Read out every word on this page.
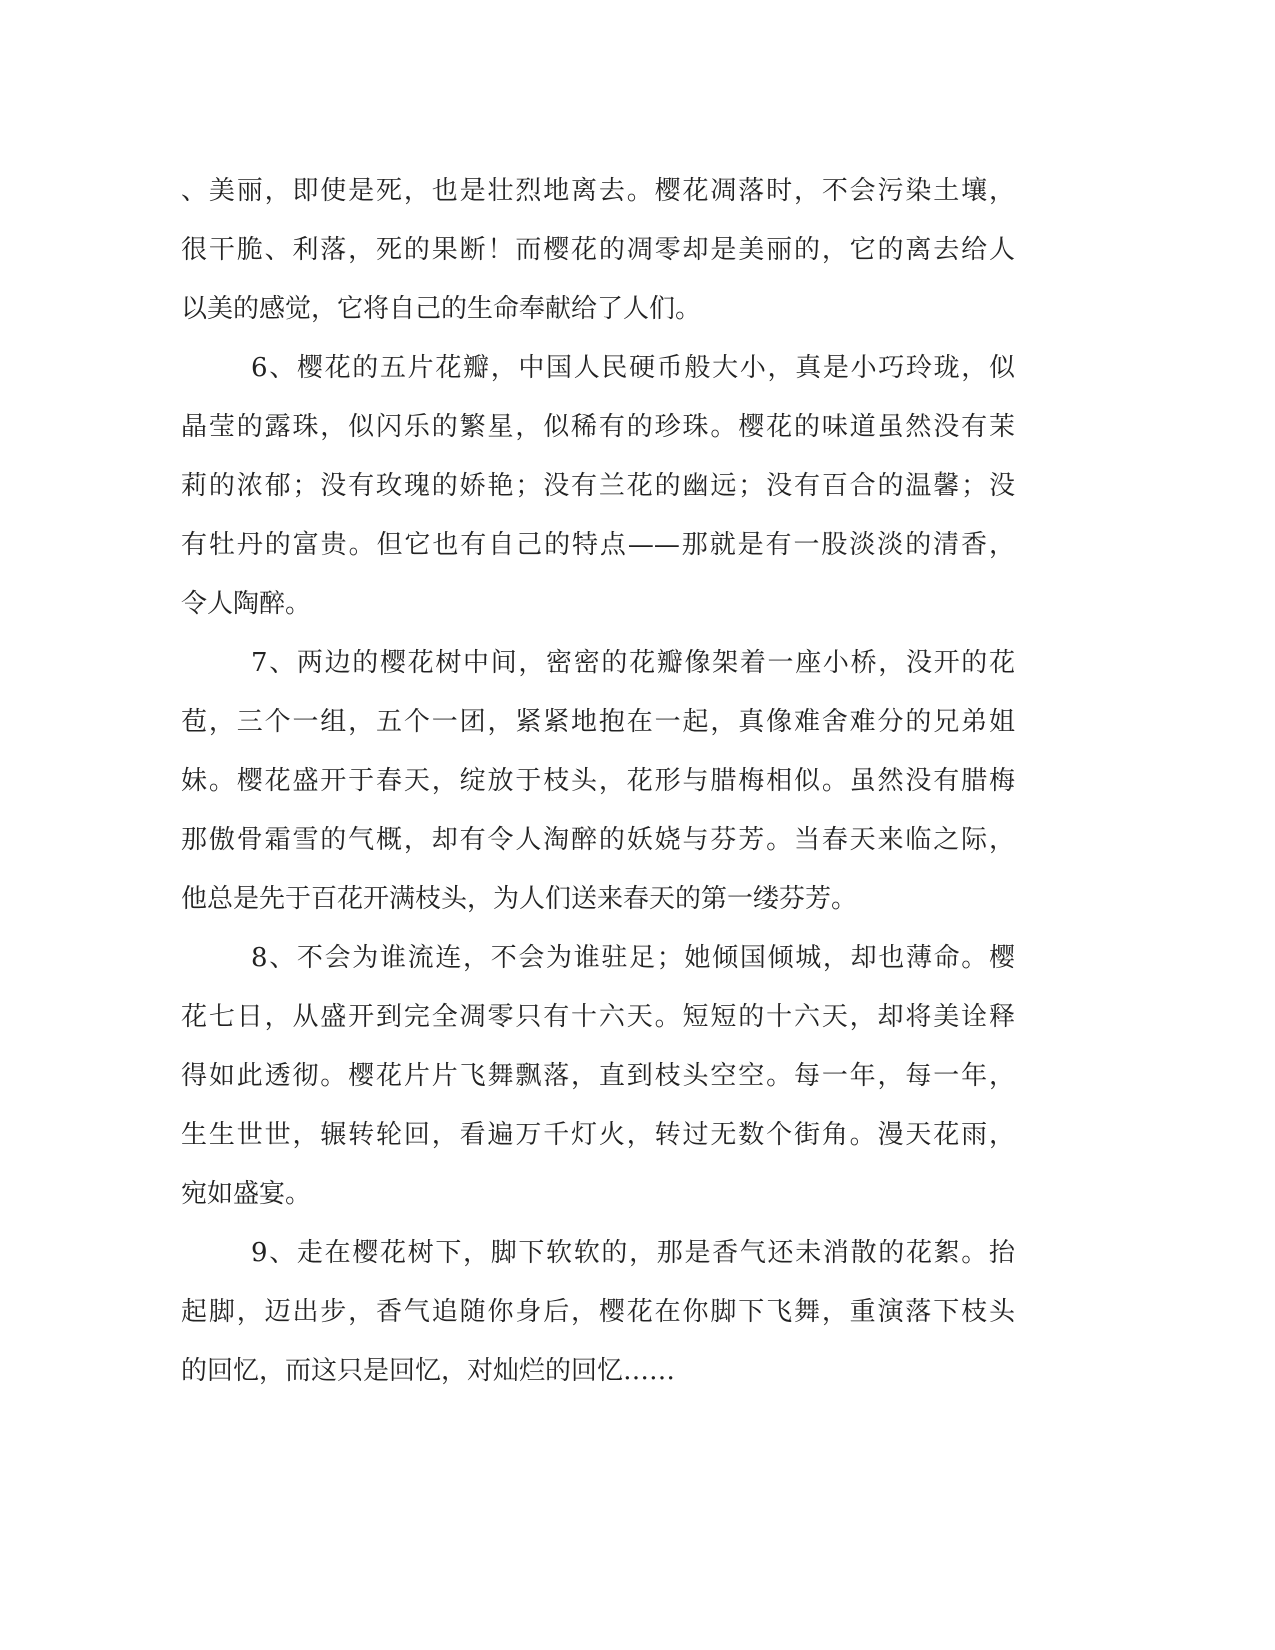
、美丽，即使是死，也是壮烈地离去。樱花凋落时，不会污染土壤，
很干脆、利落，死的果断！而樱花的凋零却是美丽的，它的离去给人
以美的感觉，它将自己的生命奉献给了人们。
6、樱花的五片花瓣，中国人民硬币般大小，真是小巧玲珑，似
晶莹的露珠，似闪乐的繁星，似稀有的珍珠。樱花的味道虽然没有茉
莉的浓郁；没有玫瑰的娇艳；没有兰花的幽远；没有百合的温馨；没
有牡丹的富贵。但它也有自己的特点——那就是有一股淡淡的清香，
令人陶醉。
7、两边的樱花树中间，密密的花瓣像架着一座小桥，没开的花
苞，三个一组，五个一团，紧紧地抱在一起，真像难舍难分的兄弟姐
妹。樱花盛开于春天，绽放于枝头，花形与腊梅相似。虽然没有腊梅
那傲骨霜雪的气概，却有令人淘醉的妖娆与芬芳。当春天来临之际，
他总是先于百花开满枝头，为人们送来春天的第一缕芬芳。
8、不会为谁流连，不会为谁驻足；她倾国倾城，却也薄命。樱
花七日，从盛开到完全凋零只有十六天。短短的十六天，却将美诠释
得如此透彻。樱花片片飞舞飘落，直到枝头空空。每一年，每一年，
生生世世，辗转轮回，看遍万千灯火，转过无数个街角。漫天花雨，
宛如盛宴。
9、走在樱花树下，脚下软软的，那是香气还未消散的花絮。抬
起脚，迈出步，香气追随你身后，樱花在你脚下飞舞，重演落下枝头
的回忆，而这只是回忆，对灿烂的回忆……
